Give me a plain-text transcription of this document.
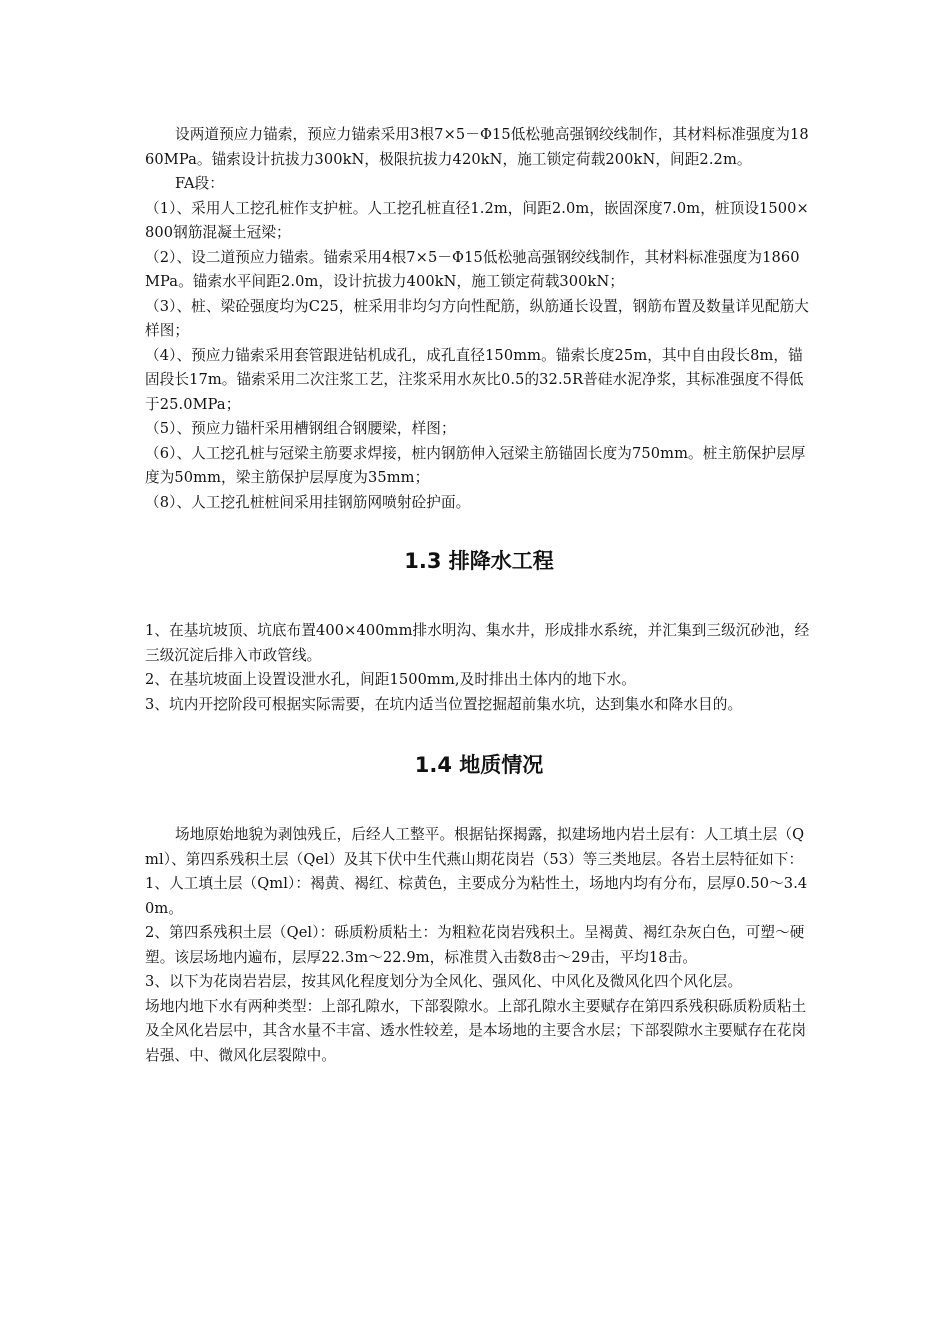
设两道预应力锚索，预应力锚索采用3根7×5－Φ15低松驰高强钢绞线制作，其材料标准强度为1860MPa。锚索设计抗拔力300kN，极限抗拔力420kN，施工锁定荷载200kN，间距2.2m。

FA段：

（1）、采用人工挖孔桩作支护桩。人工挖孔桩直径1.2m，间距2.0m，嵌固深度7.0m，桩顶设1500×800钢筋混凝土冠梁；

（2）、设二道预应力锚索。锚索采用4根7×5－Φ15低松驰高强钢绞线制作，其材料标准强度为1860MPa。锚索水平间距2.0m，设计抗拔力400kN，施工锁定荷载300kN；

（3）、桩、梁砼强度均为C25，桩采用非均匀方向性配筋，纵筋通长设置，钢筋布置及数量详见配筋大样图；

（4）、预应力锚索采用套管跟进钻机成孔，成孔直径150mm。锚索长度25m，其中自由段长8m，锚固段长17m。锚索采用二次注浆工艺，注浆采用水灰比0.5的32.5R普硅水泥净浆，其标准强度不得低于25.0MPa；

（5）、预应力锚杆采用槽钢组合钢腰梁，样图；

（6）、人工挖孔桩与冠梁主筋要求焊接，桩内钢筋伸入冠梁主筋锚固长度为750mm。桩主筋保护层厚度为50mm，梁主筋保护层厚度为35mm；

（8）、人工挖孔桩桩间采用挂钢筋网喷射砼护面。

1.3 排降水工程

1、在基坑坡顶、坑底布置400×400mm排水明沟、集水井，形成排水系统，并汇集到三级沉砂池，经三级沉淀后排入市政管线。

2、在基坑坡面上设置设泄水孔，间距1500mm,及时排出土体内的地下水。

3、坑内开挖阶段可根据实际需要，在坑内适当位置挖掘超前集水坑，达到集水和降水目的。

1.4 地质情况

场地原始地貌为剥蚀残丘，后经人工整平。根据钻探揭露，拟建场地内岩土层有：人工填土层（Qml）、第四系残积土层（Qel）及其下伏中生代燕山期花岗岩（53）等三类地层。各岩土层特征如下：

1、人工填土层（Qml）：褐黄、褐红、棕黄色，主要成分为粘性土，场地内均有分布，层厚0.50～3.40m。

2、第四系残积土层（Qel）：砾质粉质粘土：为粗粒花岗岩残积土。呈褐黄、褐红杂灰白色，可塑～硬塑。该层场地内遍布，层厚22.3m～22.9m，标准贯入击数8击～29击，平均18击。

3、以下为花岗岩岩层，按其风化程度划分为全风化、强风化、中风化及微风化四个风化层。

场地内地下水有两种类型：上部孔隙水，下部裂隙水。上部孔隙水主要赋存在第四系残积砾质粉质粘土及全风化岩层中，其含水量不丰富、透水性较差，是本场地的主要含水层；下部裂隙水主要赋存在花岗岩强、中、微风化层裂隙中。
